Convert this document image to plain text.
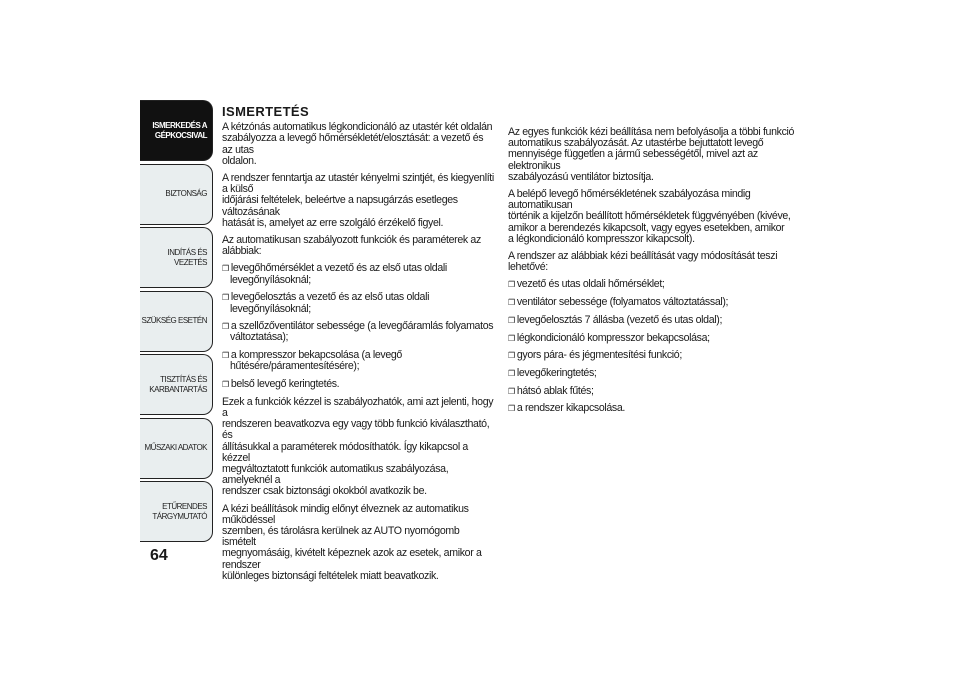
ISMERKEDÉS A
GÉPKOCSIVAL
BIZTONSÁG
INDÍTÁS ÉS VEZETÉS
SZÜKSÉG ESETÉN
TISZTÍTÁS ÉS
KARBANTARTÁS
MŰSZAKI ADATOK
ETŰRENDES
TÁRGYMUTATÓ
64
ISMERTETÉS

A kétzónás automatikus légkondicionáló az utastér két oldalán
szabályozza a levegő hőmérsékletét/elosztását: a vezető és az utas
oldalon.

A rendszer fenntartja az utastér kényelmi szintjét, és kiegyenlíti a külső
időjárási feltételek, beleértve a napsugárzás esetleges változásának
hatását is, amelyet az erre szolgáló érzékelő figyel.

Az automatikusan szabályozott funkciók és paraméterek az alábbiak:

❒ levegőhőmérséklet a vezető és az első utas oldali levegőnyílásoknál;
❒ levegőelosztás a vezető és az első utas oldali levegőnyílásoknál;
❒ a szellőzőventilátor sebessége (a levegőáramlás folyamatos
változtatása);
❒ a kompresszor bekapcsolása (a levegő hűtésére/páramentesítésére);
❒ belső levegő keringtetés.

Ezek a funkciók kézzel is szabályozhatók, ami azt jelenti, hogy a
rendszeren beavatkozva egy vagy több funkció kiválasztható, és
állításukkal a paraméterek módosíthatók. Így kikapcsol a kézzel
megváltoztatott funkciók automatikus szabályozása, amelyeknél a
rendszer csak biztonsági okokból avatkozik be.

A kézi beállítások mindig előnyt élveznek az automatikus működéssel
szemben, és tárolásra kerülnek az AUTO nyomógomb ismételt
megnyomásáig, kivételt képeznek azok az esetek, amikor a rendszer
különleges biztonsági feltételek miatt beavatkozik.

Az egyes funkciók kézi beállítása nem befolyásolja a többi funkció
automatikus szabályozását. Az utastérbe bejuttatott levegő
mennyisége független a jármű sebességétől, mivel azt az elektronikus
szabályozású ventilátor biztosítja.

A belépő levegő hőmérsékletének szabályozása mindig automatikusan
történik a kijelzőn beállított hőmérsékletek függvényében (kivéve,
amikor a berendezés kikapcsolt, vagy egyes esetekben, amikor
a légkondicionáló kompresszor kikapcsolt).

A rendszer az alábbiak kézi beállítását vagy módosítását teszi
lehetővé:

❒ vezető és utas oldali hőmérséklet;
❒ ventilátor sebessége (folyamatos változtatással);
❒ levegőelosztás 7 állásba (vezető és utas oldal);
❒ légkondicionáló kompresszor bekapcsolása;
❒ gyors pára- és jégmentesítési funkció;
❒ levegőkeringtetés;
❒ hátsó ablak fűtés;
❒ a rendszer kikapcsolása.
